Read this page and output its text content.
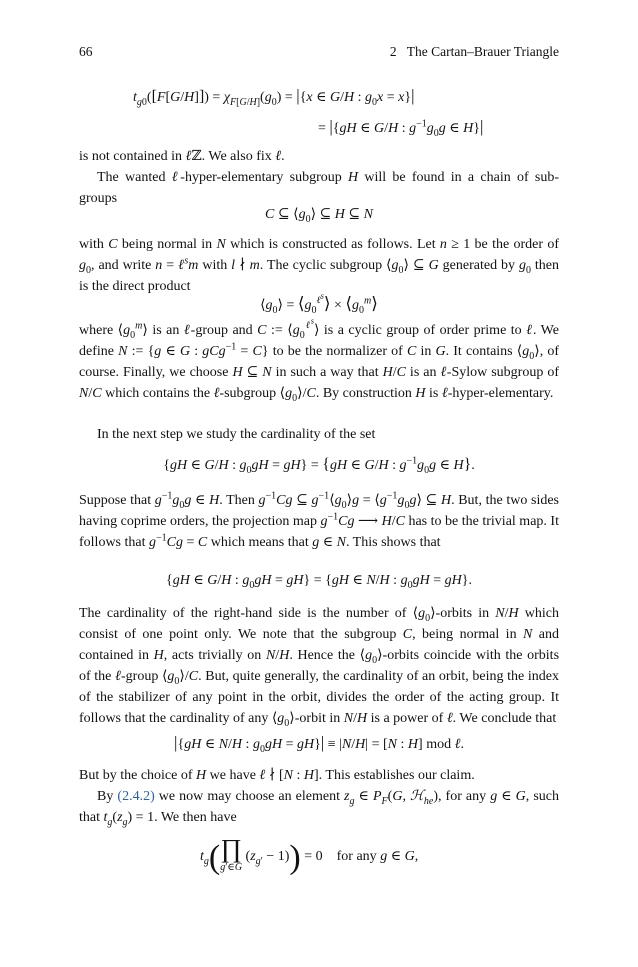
66	2   The Cartan–Brauer Triangle
$t_{g0}([F[G/H]]) = \chi_{F[G/H]}(g_0) = |\{x$ ∈ G/H : $g_0x = x\}|$
= |{gH ∈ G/H : $g^{-1}g_0g$ ∈ H}|
is not contained in ℓℤ. We also fix ℓ.
The wanted ℓ-hyper-elementary subgroup H will be found in a chain of sub-groups
C ⊆ $⟨g_0⟩$ ⊆ H ⊆ N
with C being normal in N which is constructed as follows. Let n ≥ 1 be the order of $g_0$, and write n = ℓ$^s$m with l ∤ m. The cyclic subgroup $⟨g_0⟩$ ⊆ G generated by $g_0$ then is the direct product
$⟨g_0⟩$ = $⟨g_0^{\ell^s}⟩$ × $⟨g_0^m⟩$
where $⟨g_0^m⟩$ is an ℓ-group and C := $⟨g_0^{\ell^s}⟩$ is a cyclic group of order prime to ℓ. We define N := {g ∈ G : gCg$^{-1}$ = C} to be the normalizer of C in G. It contains $⟨g_0⟩$, of course. Finally, we choose H ⊆ N in such a way that H/C is an ℓ-Sylow subgroup of N/C which contains the ℓ-subgroup $⟨g_0⟩/C$. By construction H is ℓ-hyper-elementary.
In the next step we study the cardinality of the set
{gH ∈ G/H : $g_0gH = gH\} = \{gH$ ∈ G/H : $g^{-1}g_0g$ ∈ H}.
Suppose that $g^{-1}g_0g$ ∈ H. Then $g^{-1}Cg$ ⊆ $g^{-1}⟨g_0⟩g$ = $⟨g^{-1}g_0g⟩$ ⊆ H. But, the two sides having coprime orders, the projection map $g^{-1}Cg$ ⟶ H/C has to be the trivial map. It follows that $g^{-1}Cg = C$ which means that g ∈ N. This shows that
{gH ∈ G/H : $g_0gH = gH\} = \{gH$ ∈ N/H : $g_0gH = gH$}.
The cardinality of the right-hand side is the number of $⟨g_0⟩$-orbits in N/H which consist of one point only. We note that the subgroup C, being normal in N and contained in H, acts trivially on N/H. Hence the $⟨g_0⟩$-orbits coincide with the orbits of the ℓ-group $⟨g_0⟩/C$. But, quite generally, the cardinality of an orbit, being the index of the stabilizer of any point in the orbit, divides the order of the acting group. It follows that the cardinality of any $⟨g_0⟩$-orbit in N/H is a power of ℓ. We conclude that
|{gH ∈ N/H : $g_0gH = gH\}| \equiv |N/H| = [N$ : H] mod ℓ.
But by the choice of H we have ℓ ∤ [N : H]. This establishes our claim.
By (2.4.2) we now may choose an element $z_g$ ∈ $P_F(G$, ℋ$_{he}$), for any g ∈ G, such that $t_g(z_g) = 1$. We then have
$t_g$( ∏
g′∈G
$(z_{g'} - 1)) = 0$    for any g ∈ G,
